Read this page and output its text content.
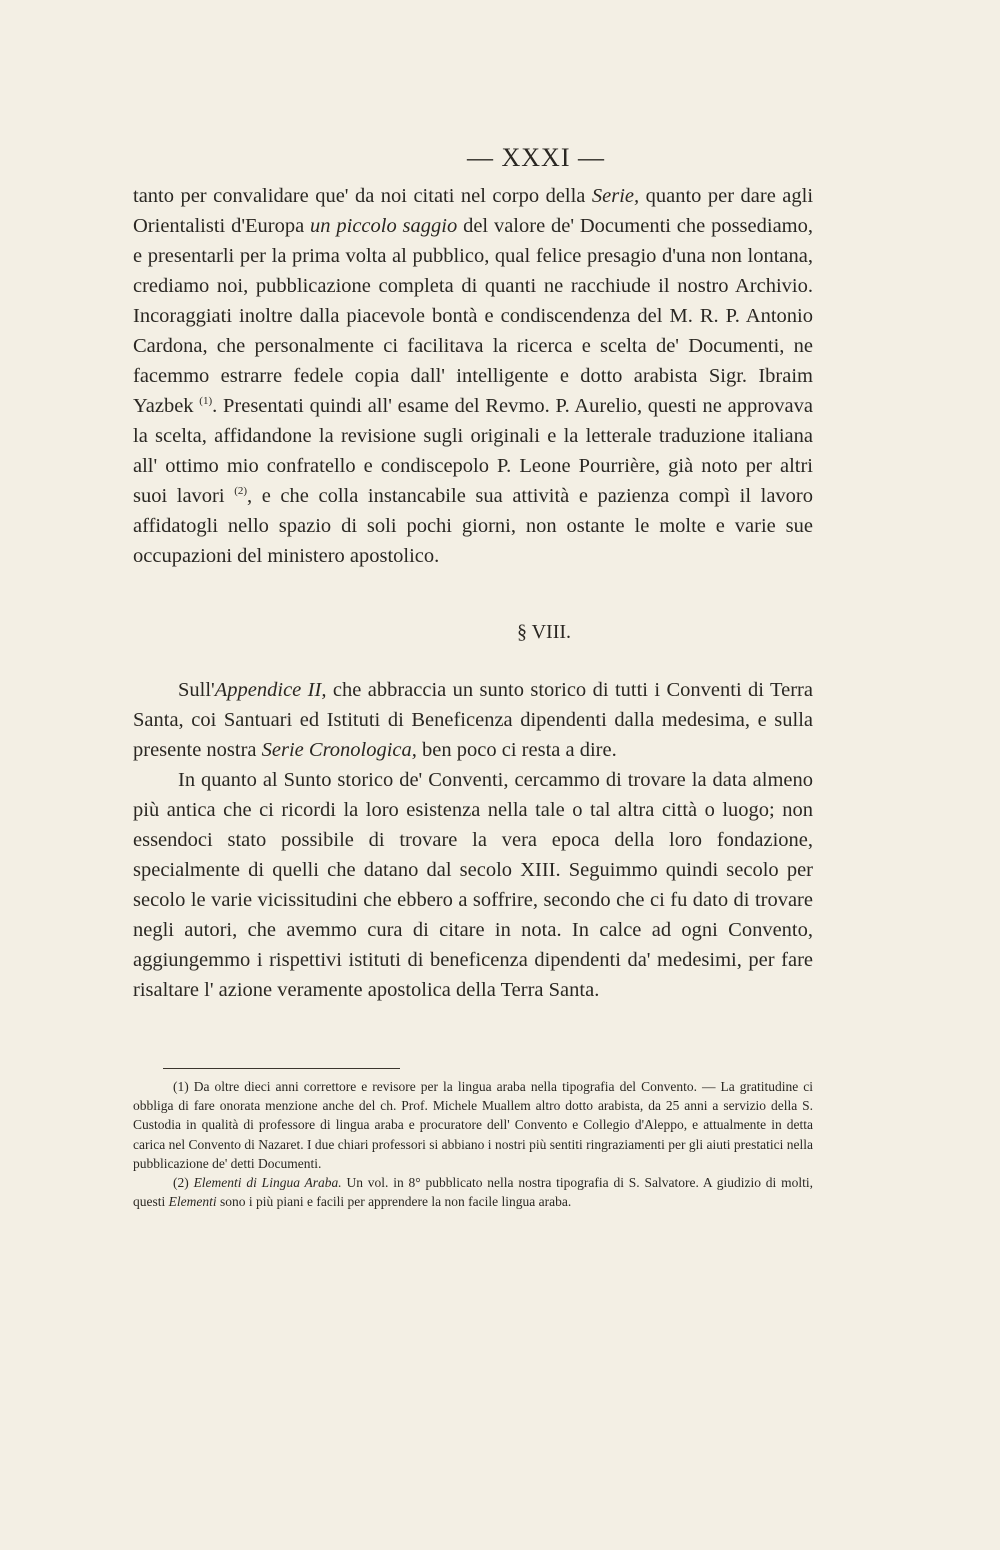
— XXXI —

tanto per convalidare que' da noi citati nel corpo della Serie, quanto per dare agli Orientalisti d'Europa un piccolo saggio del valore de' Documenti che possediamo, e presentarli per la prima volta al pubblico, qual felice presagio d'una non lontana, crediamo noi, pubblicazione completa di quanti ne racchiude il nostro Archivio. Incoraggiati inoltre dalla piacevole bontà e condiscendenza del M. R. P. Antonio Cardona, che personalmente ci facilitava la ricerca e scelta de' Documenti, ne facemmo estrarre fedele copia dall' intelligente e dotto arabista Sigr. Ibraim Yazbek $^{(1)}$. Presentati quindi all' esame del Revmo. P. Aurelio, questi ne approvava la scelta, affidandone la revisione sugli originali e la letterale traduzione italiana all' ottimo mio confratello e condiscepolo P. Leone Pourrière, già noto per altri suoi lavori $^{(2)}$, e che colla instancabile sua attività e pazienza compì il lavoro affidatogli nello spazio di soli pochi giorni, non ostante le molte e varie sue occupazioni del ministero apostolico.

§ VIII.

Sull'Appendice II, che abbraccia un sunto storico di tutti i Conventi di Terra Santa, coi Santuari ed Istituti di Beneficenza dipendenti dalla medesima, e sulla presente nostra Serie Cronologica, ben poco ci resta a dire.

In quanto al Sunto storico de' Conventi, cercammo di trovare la data almeno più antica che ci ricordi la loro esistenza nella tale o tal altra città o luogo; non essendoci stato possibile di trovare la vera epoca della loro fondazione, specialmente di quelli che datano dal secolo XIII. Seguimmo quindi secolo per secolo le varie vicissitudini che ebbero a soffrire, secondo che ci fu dato di trovare negli autori, che avemmo cura di citare in nota. In calce ad ogni Convento, aggiungemmo i rispettivi istituti di beneficenza dipendenti da' medesimi, per fare risaltare l' azione veramente apostolica della Terra Santa.

(1) Da oltre dieci anni correttore e revisore per la lingua araba nella tipografia del Convento. — La gratitudine ci obbliga di fare onorata menzione anche del ch. Prof. Michele Muallem altro dotto arabista, da 25 anni a servizio della S. Custodia in qualità di professore di lingua araba e procuratore dell' Convento e Collegio d'Aleppo, e attualmente in detta carica nel Convento di Nazaret. I due chiari professori si abbiano i nostri più sentiti ringraziamenti per gli aiuti prestatici nella pubblicazione de' detti Documenti.

(2) Elementi di Lingua Araba. Un vol. in 8° pubblicato nella nostra tipografia di S. Salvatore. A giudizio di molti, questi Elementi sono i più piani e facili per apprendere la non facile lingua araba.
